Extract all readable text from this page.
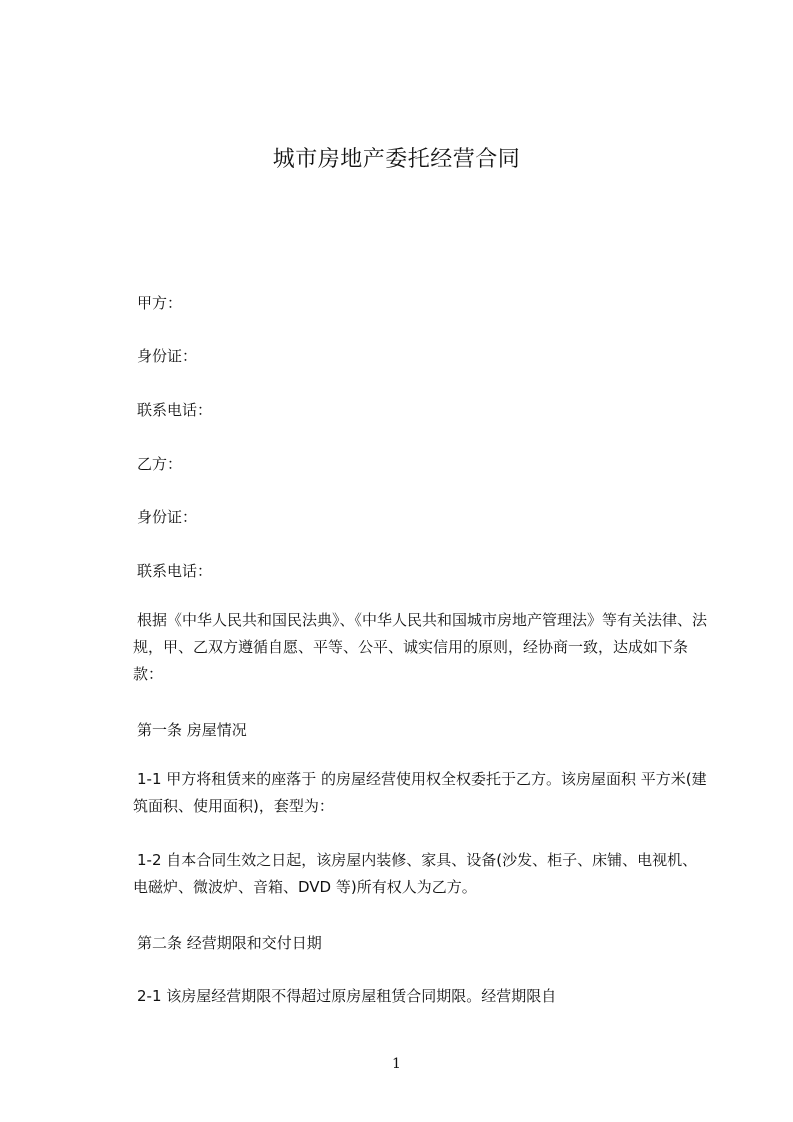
城市房地产委托经营合同
甲方：
身份证：
联系电话：
乙方：
身份证：
联系电话：
根据《中华人民共和国民法典》、《中华人民共和国城市房地产管理法》等有关法律、法规，甲、乙双方遵循自愿、平等、公平、诚实信用的原则，经协商一致，达成如下条款：
第一条 房屋情况
1-1 甲方将租赁来的座落于 的房屋经营使用权全权委托于乙方。该房屋面积 平方米(建筑面积、使用面积)，套型为：
1-2 自本合同生效之日起，该房屋内装修、家具、设备(沙发、柜子、床铺、电视机、电磁炉、微波炉、音箱、DVD 等)所有权人为乙方。
第二条 经营期限和交付日期
2-1 该房屋经营期限不得超过原房屋租赁合同期限。经营期限自
1
